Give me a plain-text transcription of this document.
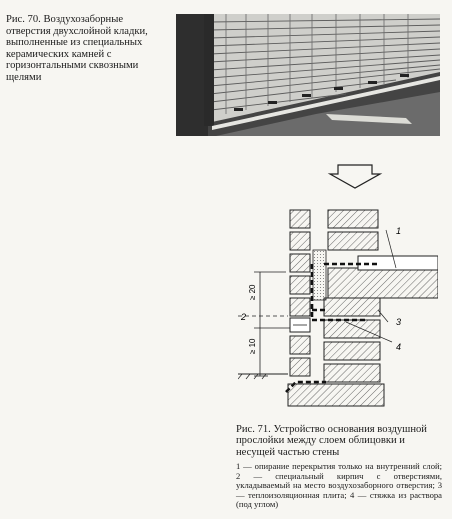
Рис. 70. Воздухозаборные отверстия двухслойной кладки, выполненные из специальных керамических камней с горизонтальными сквозными щелями
≥ 20
≥ 10
1
2	3
4
Рис. 71. Устройство основания воздушной прослойки между слоем облицовки и несущей частью стены
1 — опирание перекрытия только на внутренний слой; 2 — специальный кирпич с отверстиями, укладываемый на место воздухозаборного отверстия; 3 — теплоизоляционная плита; 4 — стяжка из раствора (под углом)
